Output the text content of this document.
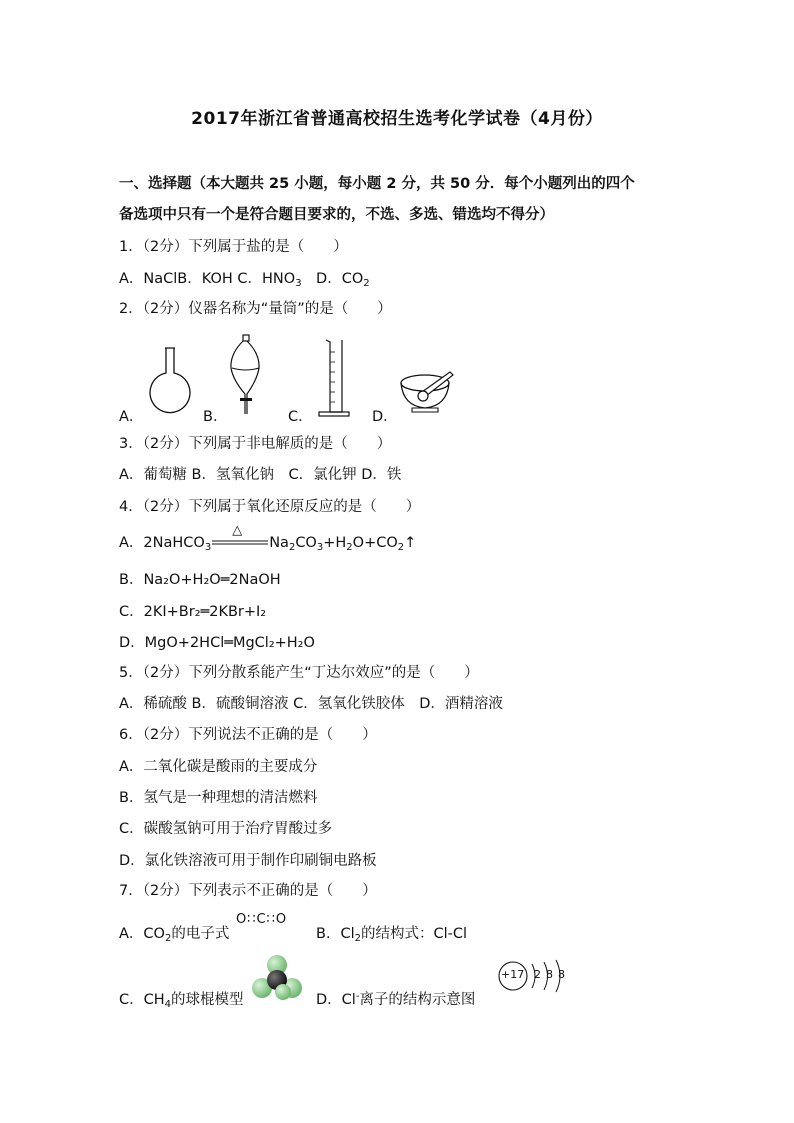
2017年浙江省普通高校招生选考化学试卷（4月份）
一、选择题（本大题共 25 小题，每小题 2 分，共 50 分．每个小题列出的四个
备选项中只有一个是符合题目要求的，不选、多选、错选均不得分）
1．（2分）下列属于盐的是（　　）
A．NaClB．KOH C．$HNO_3$　D．$CO_2$
2．（2分）仪器名称为“量筒”的是（　　）
A．	B．	C．	D．
3．（2分）下列属于非电解质的是（　　）
A．葡萄糖 B．氢氧化钠　C．氯化钾 D．铁
4．（2分）下列属于氧化还原反应的是（　　）
A．2NaHCO$_3$
△
$Na_2CO_3+H_2O+CO_2↑$
B．Na₂O+H₂O═2NaOH
C．2KI+Br₂═2KBr+I₂
D．MgO+2HCl═MgCl₂+H₂O
5．（2分）下列分散系能产生“丁达尔效应”的是（　　）
A．稀硫酸 B．硫酸铜溶液 C．氢氧化铁胶体　D．酒精溶液
6．（2分）下列说法不正确的是（　　）
A．二氧化碳是酸雨的主要成分
B．氢气是一种理想的清洁燃料
C．碳酸氢钠可用于治疗胃酸过多
D．氯化铁溶液可用于制作印刷铜电路板
7．（2分）下列表示不正确的是（　　）
A．$CO_2$的电子式
O∷C∷O
B．$Cl_2$的结构式：Cl-Cl
C．$CH_4$的球棍模型	D．Cl-离子的结构示意图
+17 2 8 8
